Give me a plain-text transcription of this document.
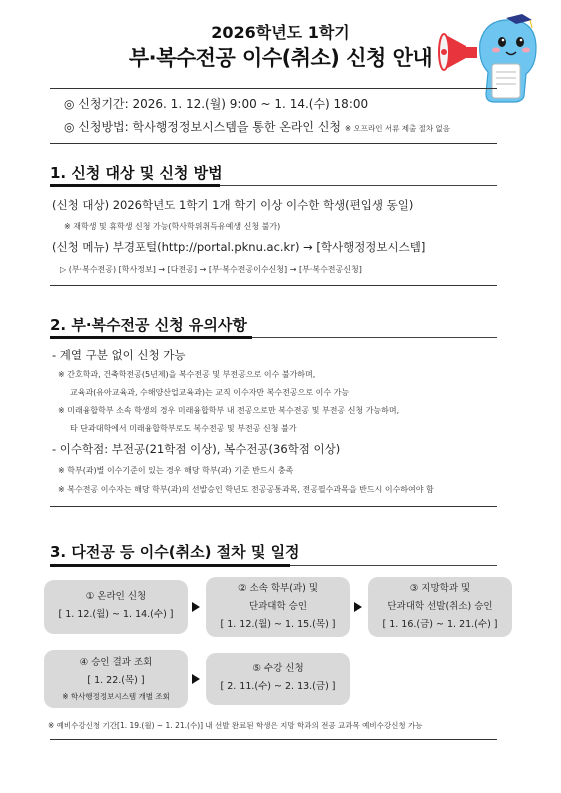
2026학년도 1학기
부·복수전공 이수(취소) 신청 안내
◎ 신청기간: 2026. 1. 12.(월) 9:00 ~ 1. 14.(수) 18:00
◎ 신청방법: 학사행정정보시스템을 통한 온라인 신청 ※ 오프라인 서류 제출 절차 없음
1. 신청 대상 및 신청 방법
(신청 대상) 2026학년도 1학기 1개 학기 이상 이수한 학생(편입생 동일)
※ 재학생 및 휴학생 신청 가능(학사학위취득유예생 신청 불가)
(신청 메뉴) 부경포털(http://portal.pknu.ac.kr) → [학사행정정보시스템]
▷ (부·복수전공) [학사정보] → [다전공] → [부·복수전공이수신청] → [부·복수전공신청]
2. 부·복수전공 신청 유의사항
- 계열 구분 없이 신청 가능
※ 간호학과, 건축학전공(5년제)을 복수전공 및 부전공으로 이수 불가하며,
교육과(유아교육과, 수해양산업교육과)는 교직 이수자만 복수전공으로 이수 가능
※ 미래융합학부 소속 학생의 경우 미래융합학부 내 전공으로만 복수전공 및 부전공 신청 가능하며,
타 단과대학에서 미래융합학부로도 복수전공 및 부전공 신청 불가
- 이수학점: 부전공(21학점 이상), 복수전공(36학점 이상)
※ 학부(과)별 이수기준이 있는 경우 해당 학부(과) 기준 반드시 충족
※ 복수전공 이수자는 해당 학부(과)의 선발승인 학년도 전공공통과목, 전공필수과목을 반드시 이수하여야 함
3. 다전공 등 이수(취소) 절차 및 일정
① 온라인 신청
[ 1. 12.(월) ~ 1. 14.(수) ]
② 소속 학부(과) 및
단과대학 승인
[ 1. 12.(월) ~ 1. 15.(목) ]
③ 지망학과 및
단과대학 선발(취소) 승인
[ 1. 16.(금) ~ 1. 21.(수) ]
④ 승인 결과 조회
[ 1. 22.(목) ]
※ 학사행정정보시스템 개별 조회
⑤ 수강 신청
[ 2. 11.(수) ~ 2. 13.(금) ]
※ 예비수강신청 기간[1. 19.(월) ~ 1. 21.(수)] 내 선발 완료된 학생은 지망 학과의 전공 교과목 예비수강신청 가능
